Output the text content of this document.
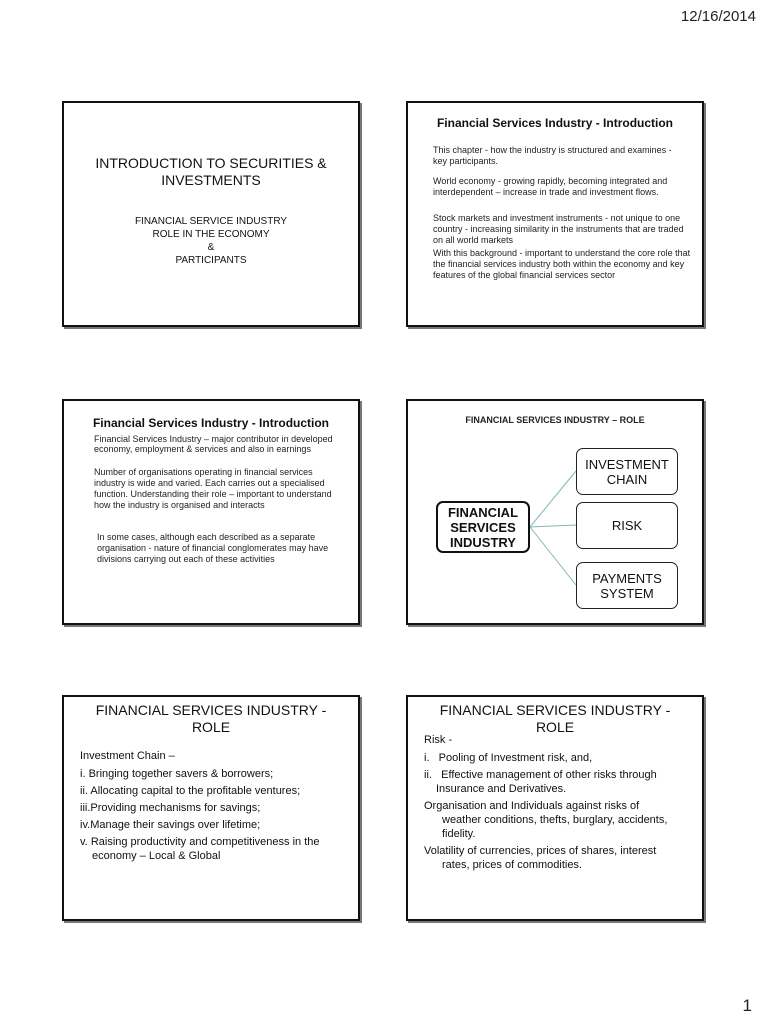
12/16/2014
INTRODUCTION TO SECURITIES &
INVESTMENTS
FINANCIAL SERVICE INDUSTRY
ROLE IN THE ECONOMY
&
PARTICIPANTS
Financial Services Industry - Introduction
This chapter - how the industry is structured and examines - key participants.
World economy - growing rapidly, becoming integrated and interdependent – increase in trade and investment flows.
Stock markets and investment instruments - not unique to one country - increasing similarity in the instruments that are traded on all world markets
With this background - important to understand the core role that the financial services industry both within the economy and key features of the global financial services sector
Financial Services Industry - Introduction
Financial Services Industry – major contributor in developed economy, employment & services and also in earnings
Number of organisations operating in financial services industry is wide and varied. Each carries out a specialised function. Understanding their role – important to understand how the industry is organised and interacts
In some cases, although each described as a separate organisation - nature of financial conglomerates may have divisions carrying out each of these activities
FINANCIAL SERVICES INDUSTRY – ROLE
FINANCIAL
SERVICES
INDUSTRY
INVESTMENT
CHAIN
RISK
PAYMENTS
SYSTEM
FINANCIAL SERVICES INDUSTRY -
ROLE
Investment Chain –
i. Bringing together savers & borrowers;
ii. Allocating capital to the profitable ventures;
iii.Providing mechanisms for savings;
iv.Manage their savings over lifetime;
v. Raising productivity and competitiveness in the economy – Local & Global
FINANCIAL SERVICES INDUSTRY -
ROLE
Risk -
i. Pooling of Investment risk, and,
ii. Effective management of other risks through Insurance and Derivatives.
Organisation and Individuals against risks of
weather conditions, thefts, burglary, accidents, fidelity.
Volatility of currencies, prices of shares, interest
rates, prices of commodities.
1
